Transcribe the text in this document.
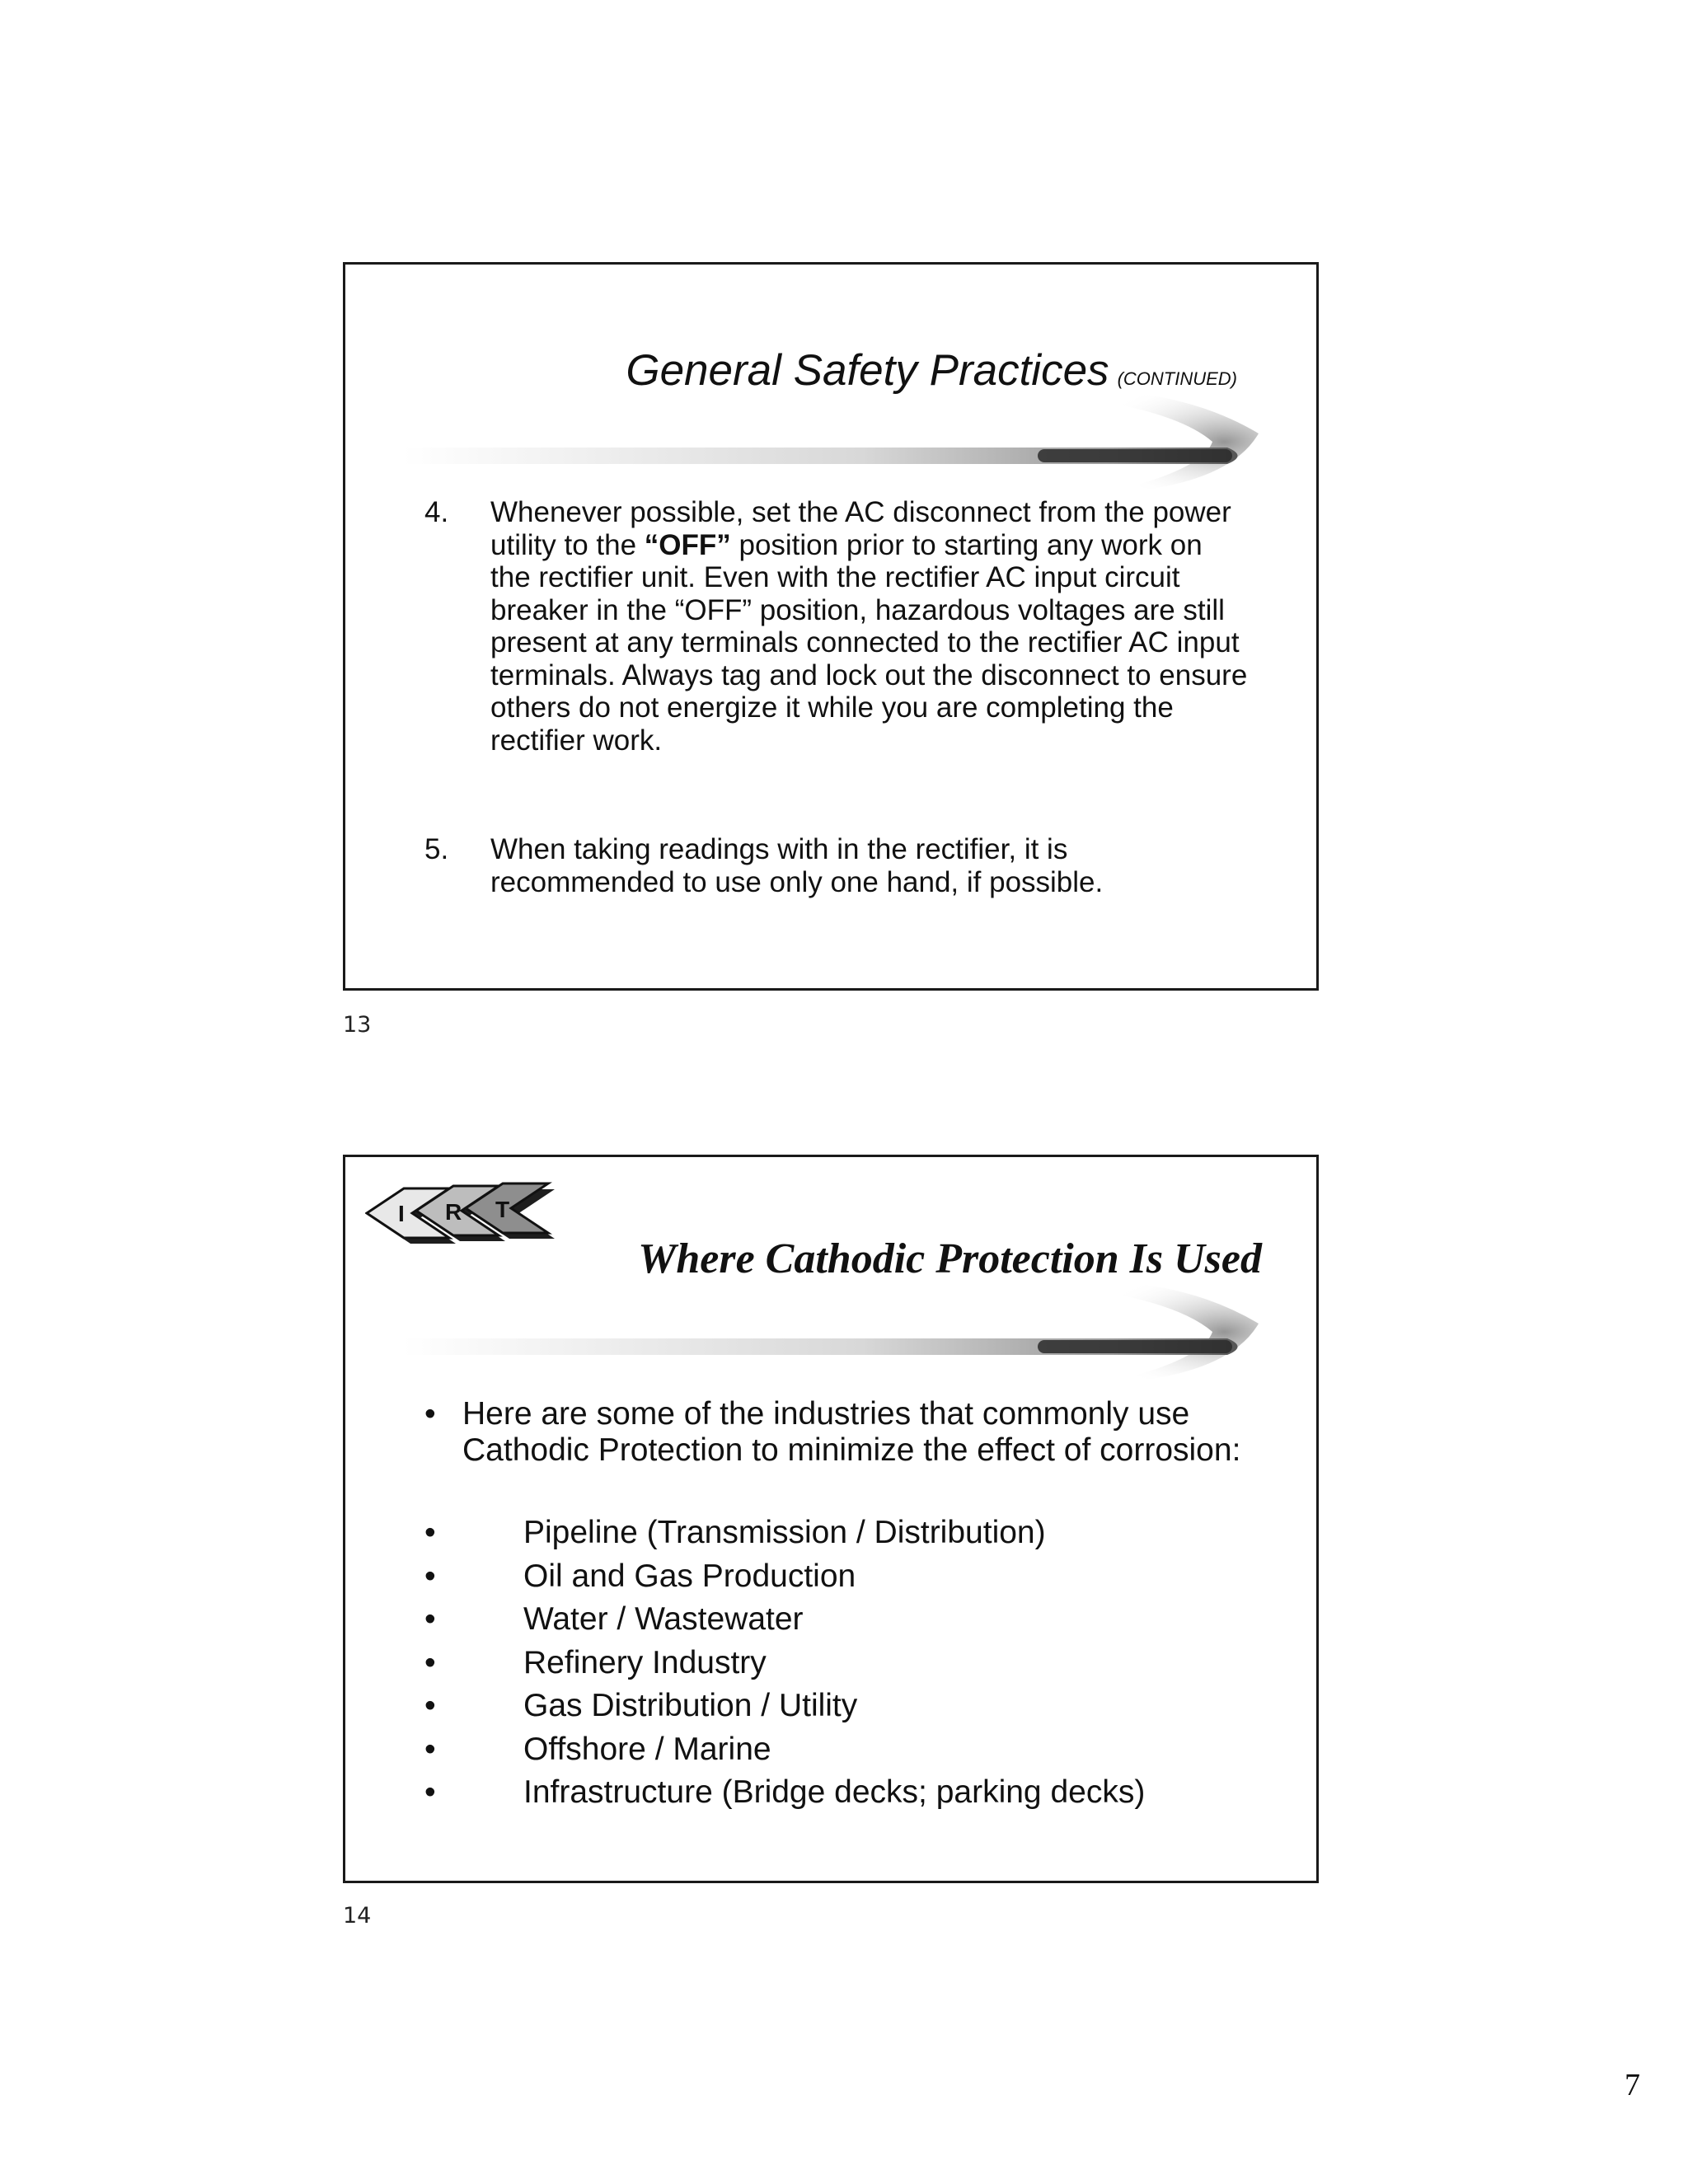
General Safety Practices (CONTINUED)
4. Whenever possible, set the AC disconnect from the power utility to the “OFF” position prior to starting any work on the rectifier unit. Even with the rectifier AC input circuit breaker in the “OFF” position, hazardous voltages are still present at any terminals connected to the rectifier AC input terminals. Always tag and lock out the disconnect to ensure others do not energize it while you are completing the rectifier work.
5. When taking readings with in the rectifier, it is recommended to use only one hand, if possible.
13
I R T
Where Cathodic Protection Is Used
• Here are some of the industries that commonly use Cathodic Protection to minimize the effect of corrosion:
•	Pipeline (Transmission / Distribution)
•	Oil and Gas Production
•	Water / Wastewater
•	Refinery Industry
•	Gas Distribution / Utility
•	Offshore / Marine
•	Infrastructure (Bridge decks; parking decks)
14
7
